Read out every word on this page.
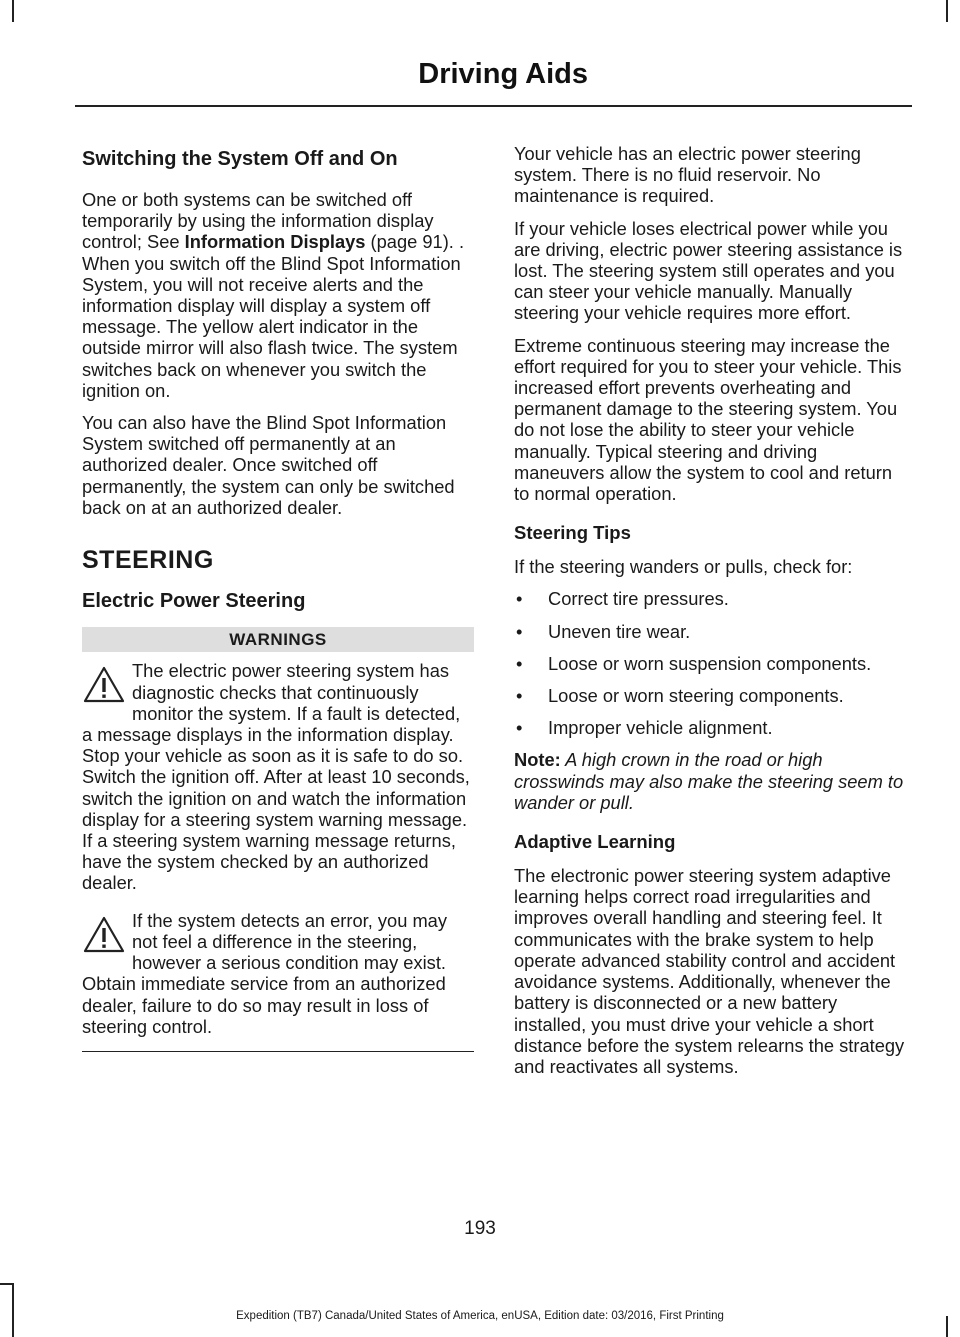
Driving Aids
Switching the System Off and On

One or both systems can be switched off temporarily by using the information display control; See Information Displays (page 91). . When you switch off the Blind Spot Information System, you will not receive alerts and the information display will display a system off message. The yellow alert indicator in the outside mirror will also flash twice. The system switches back on whenever you switch the ignition on.

You can also have the Blind Spot Information System switched off permanently at an authorized dealer. Once switched off permanently, the system can only be switched back on at an authorized dealer.

STEERING
Electric Power Steering
WARNINGS
The electric power steering system has diagnostic checks that continuously monitor the system. If a fault is detected, a message displays in the information display. Stop your vehicle as soon as it is safe to do so. Switch the ignition off. After at least 10 seconds, switch the ignition on and watch the information display for a steering system warning message. If a steering system warning message returns, have the system checked by an authorized dealer.
If the system detects an error, you may not feel a difference in the steering, however a serious condition may exist. Obtain immediate service from an authorized dealer, failure to do so may result in loss of steering control.

Your vehicle has an electric power steering system. There is no fluid reservoir. No maintenance is required.

If your vehicle loses electrical power while you are driving, electric power steering assistance is lost. The steering system still operates and you can steer your vehicle manually. Manually steering your vehicle requires more effort.

Extreme continuous steering may increase the effort required for you to steer your vehicle. This increased effort prevents overheating and permanent damage to the steering system. You do not lose the ability to steer your vehicle manually. Typical steering and driving maneuvers allow the system to cool and return to normal operation.

Steering Tips

If the steering wanders or pulls, check for:

• Correct tire pressures.
• Uneven tire wear.
• Loose or worn suspension components.
• Loose or worn steering components.
• Improper vehicle alignment.

Note: A high crown in the road or high crosswinds may also make the steering seem to wander or pull.

Adaptive Learning

The electronic power steering system adaptive learning helps correct road irregularities and improves overall handling and steering feel. It communicates with the brake system to help operate advanced stability control and accident avoidance systems. Additionally, whenever the battery is disconnected or a new battery installed, you must drive your vehicle a short distance before the system relearns the strategy and reactivates all systems.

193
Expedition (TB7) Canada/United States of America, enUSA, Edition date: 03/2016, First Printing
